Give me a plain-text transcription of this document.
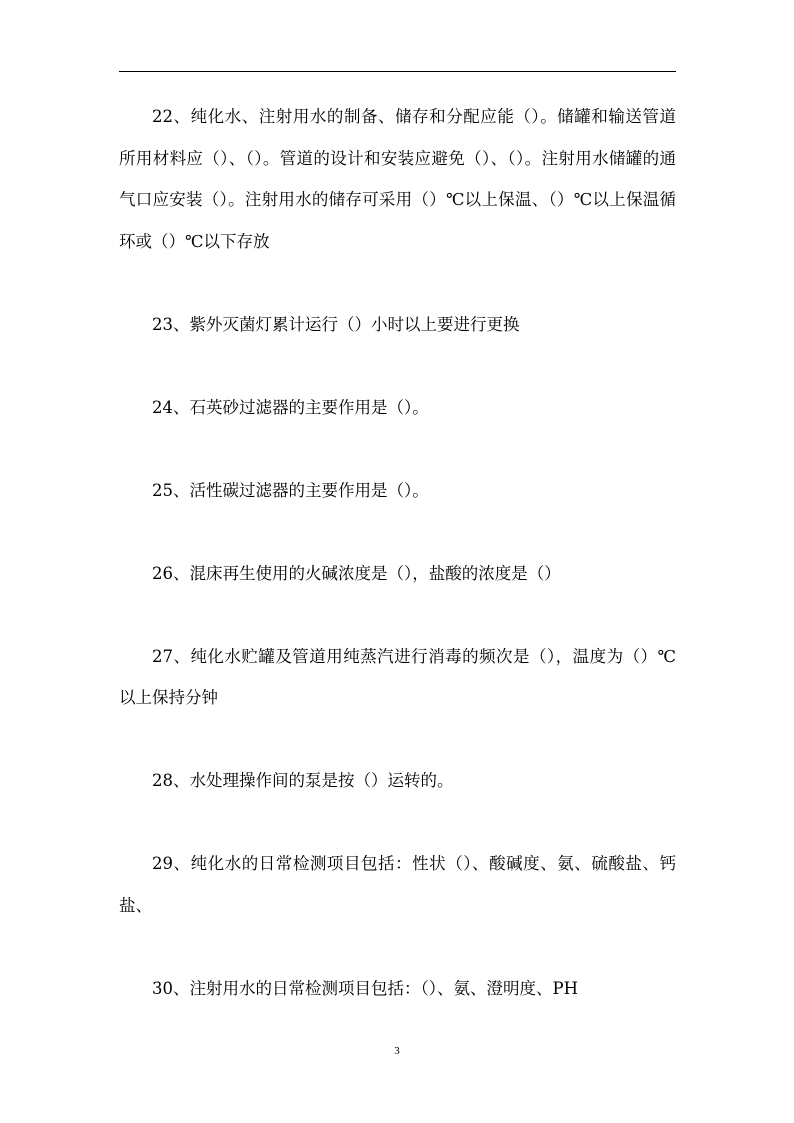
22、纯化水、注射用水的制备、储存和分配应能（）。储罐和输送管道所用材料应（）、（）。管道的设计和安装应避免（）、（）。注射用水储罐的通气口应安装（）。注射用水的储存可采用（）℃以上保温、（）℃以上保温循环或（）℃以下存放

23、紫外灭菌灯累计运行（）小时以上要进行更换

24、石英砂过滤器的主要作用是（）。

25、活性碳过滤器的主要作用是（）。

26、混床再生使用的火碱浓度是（），盐酸的浓度是（）

27、纯化水贮罐及管道用纯蒸汽进行消毒的频次是（），温度为（）℃以上保持分钟

28、水处理操作间的泵是按（）运转的。

29、纯化水的日常检测项目包括：性状（）、酸碱度、氨、硫酸盐、钙盐、

30、注射用水的日常检测项目包括：（）、氨、澄明度、PH

3
